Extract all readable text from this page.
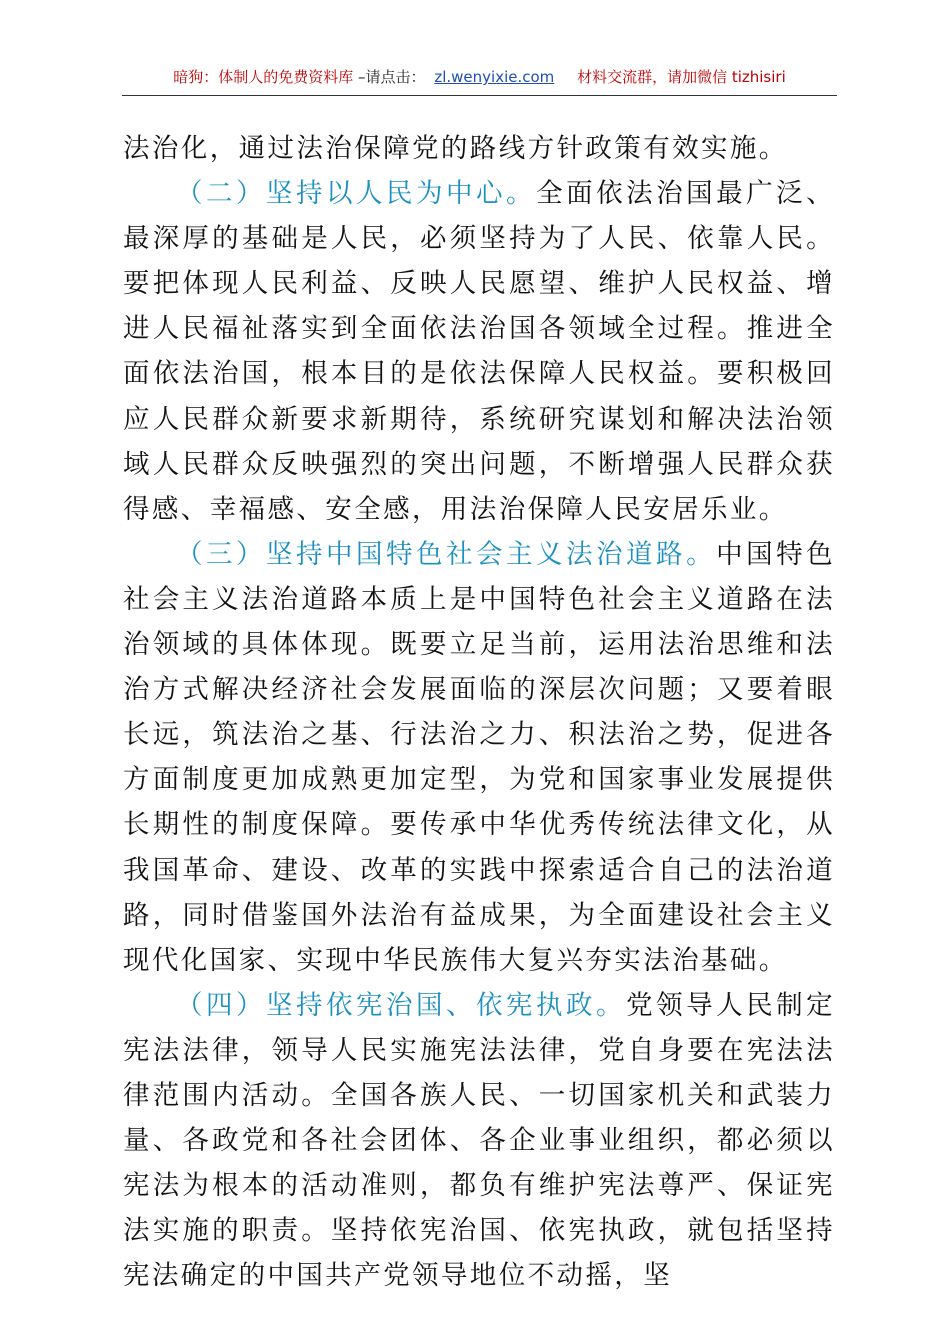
暗狗：体制人的免费资料库 –请点击： zl.wenyixie.com 材料交流群，请加微信 tizhisiri

法治化，通过法治保障党的路线方针政策有效实施。

（二）坚持以人民为中心。全面依法治国最广泛、最深厚的基础是人民，必须坚持为了人民、依靠人民。要把体现人民利益、反映人民愿望、维护人民权益、增进人民福祉落实到全面依法治国各领域全过程。推进全面依法治国，根本目的是依法保障人民权益。要积极回应人民群众新要求新期待，系统研究谋划和解决法治领域人民群众反映强烈的突出问题，不断增强人民群众获得感、幸福感、安全感，用法治保障人民安居乐业。

（三）坚持中国特色社会主义法治道路。中国特色社会主义法治道路本质上是中国特色社会主义道路在法治领域的具体体现。既要立足当前，运用法治思维和法治方式解决经济社会发展面临的深层次问题；又要着眼长远，筑法治之基、行法治之力、积法治之势，促进各方面制度更加成熟更加定型，为党和国家事业发展提供长期性的制度保障。要传承中华优秀传统法律文化，从我国革命、建设、改革的实践中探索适合自己的法治道路，同时借鉴国外法治有益成果，为全面建设社会主义现代化国家、实现中华民族伟大复兴夯实法治基础。

（四）坚持依宪治国、依宪执政。党领导人民制定宪法法律，领导人民实施宪法法律，党自身要在宪法法律范围内活动。全国各族人民、一切国家机关和武装力量、各政党和各社会团体、各企业事业组织，都必须以宪法为根本的活动准则，都负有维护宪法尊严、保证宪法实施的职责。坚持依宪治国、依宪执政，就包括坚持宪法确定的中国共产党领导地位不动摇，坚
